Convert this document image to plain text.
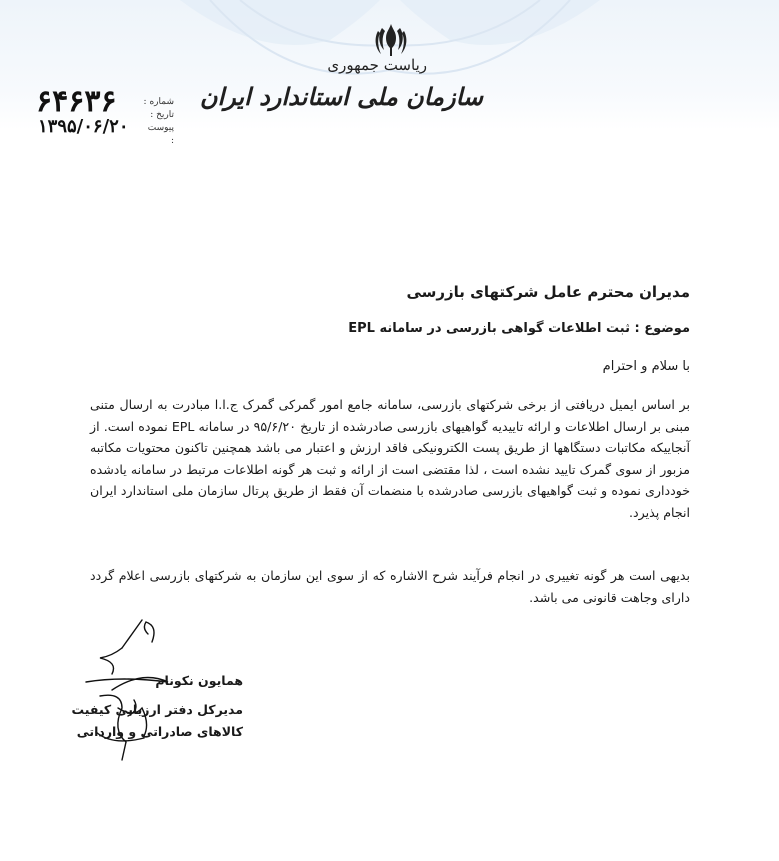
ریاست جمهوری
سازمان ملی استاندارد ایران
۶۴۶۳۶
۱۳۹۵/۰۶/۲۰
شماره :
تاریخ :
پیوست :
مدیران محترم عامل شرکتهای بازرسی
موضوع : ثبت اطلاعات گواهی بازرسی در سامانه EPL
با سلام و احترام
بر اساس ایمیل دریافتی از برخی شرکتهای بازرسی، سامانه جامع امور گمرکی گمرک ج.ا.ا مبادرت به ارسال متنی مبنی بر ارسال اطلاعات و ارائه تاییدیه گواهیهای بازرسی صادرشده از تاریخ ۹۵/۶/۲۰ در سامانه EPL نموده است. از آنجاییکه مکاتبات دستگاهها از طریق پست الکترونیکی فاقد ارزش و اعتبار می باشد همچنین تاکنون محتویات مکاتبه مزبور از سوی گمرک تایید نشده است ، لذا مقتضی است از ارائه و ثبت هر گونه اطلاعات مرتبط در سامانه یادشده خودداری نموده و ثبت گواهیهای بازرسی صادرشده با منضمات آن فقط از طریق پرتال سازمان ملی استاندارد ایران انجام پذیرد.
بدیهی است هر گونه تغییری در انجام فرآیند شرح الاشاره که از سوی این سازمان به شرکتهای بازرسی اعلام گردد دارای وجاهت قانونی می باشد.
همایون نکونام
مدیرکل دفتر ارزیابی کیفیت
کالاهای صادراتی و وارداتی
